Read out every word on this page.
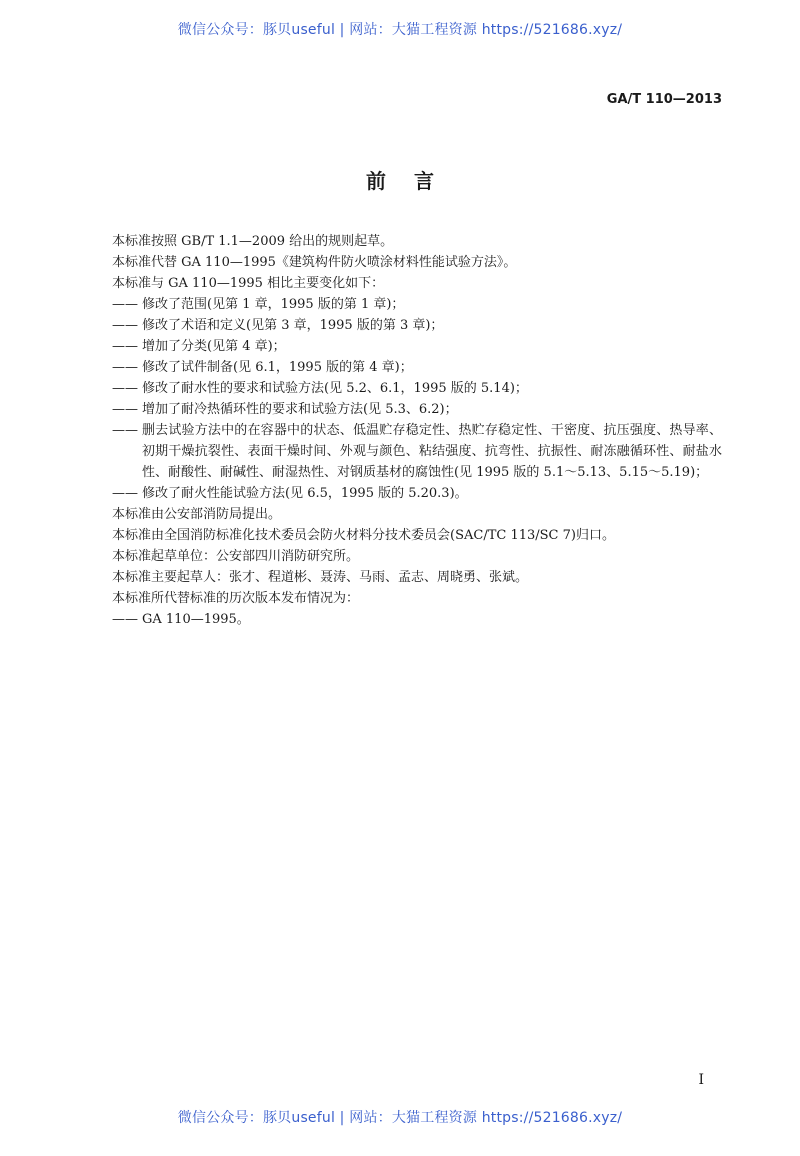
微信公众号：豚贝useful | 网站：大猫工程资源 https://521686.xyz/
GA/T 110—2013
前言
本标准按照 GB/T 1.1—2009 给出的规则起草。
本标准代替 GA 110—1995《建筑构件防火喷涂材料性能试验方法》。
本标准与 GA 110—1995 相比主要变化如下：
—— 修改了范围(见第 1 章，1995 版的第 1 章)；
—— 修改了术语和定义(见第 3 章，1995 版的第 3 章)；
—— 增加了分类(见第 4 章)；
—— 修改了试件制备(见 6.1，1995 版的第 4 章)；
—— 修改了耐水性的要求和试验方法(见 5.2、6.1，1995 版的 5.14)；
—— 增加了耐冷热循环性的要求和试验方法(见 5.3、6.2)；
—— 删去试验方法中的在容器中的状态、低温贮存稳定性、热贮存稳定性、干密度、抗压强度、热导率、初期干燥抗裂性、表面干燥时间、外观与颜色、粘结强度、抗弯性、抗振性、耐冻融循环性、耐盐水性、耐酸性、耐碱性、耐湿热性、对钢质基材的腐蚀性(见 1995 版的 5.1～5.13、5.15～5.19)；
—— 修改了耐火性能试验方法(见 6.5，1995 版的 5.20.3)。
本标准由公安部消防局提出。
本标准由全国消防标准化技术委员会防火材料分技术委员会(SAC/TC 113/SC 7)归口。
本标准起草单位：公安部四川消防研究所。
本标准主要起草人：张才、程道彬、聂涛、马雨、孟志、周晓勇、张斌。
本标准所代替标准的历次版本发布情况为：
—— GA 110—1995。
I
微信公众号：豚贝useful | 网站：大猫工程资源 https://521686.xyz/
